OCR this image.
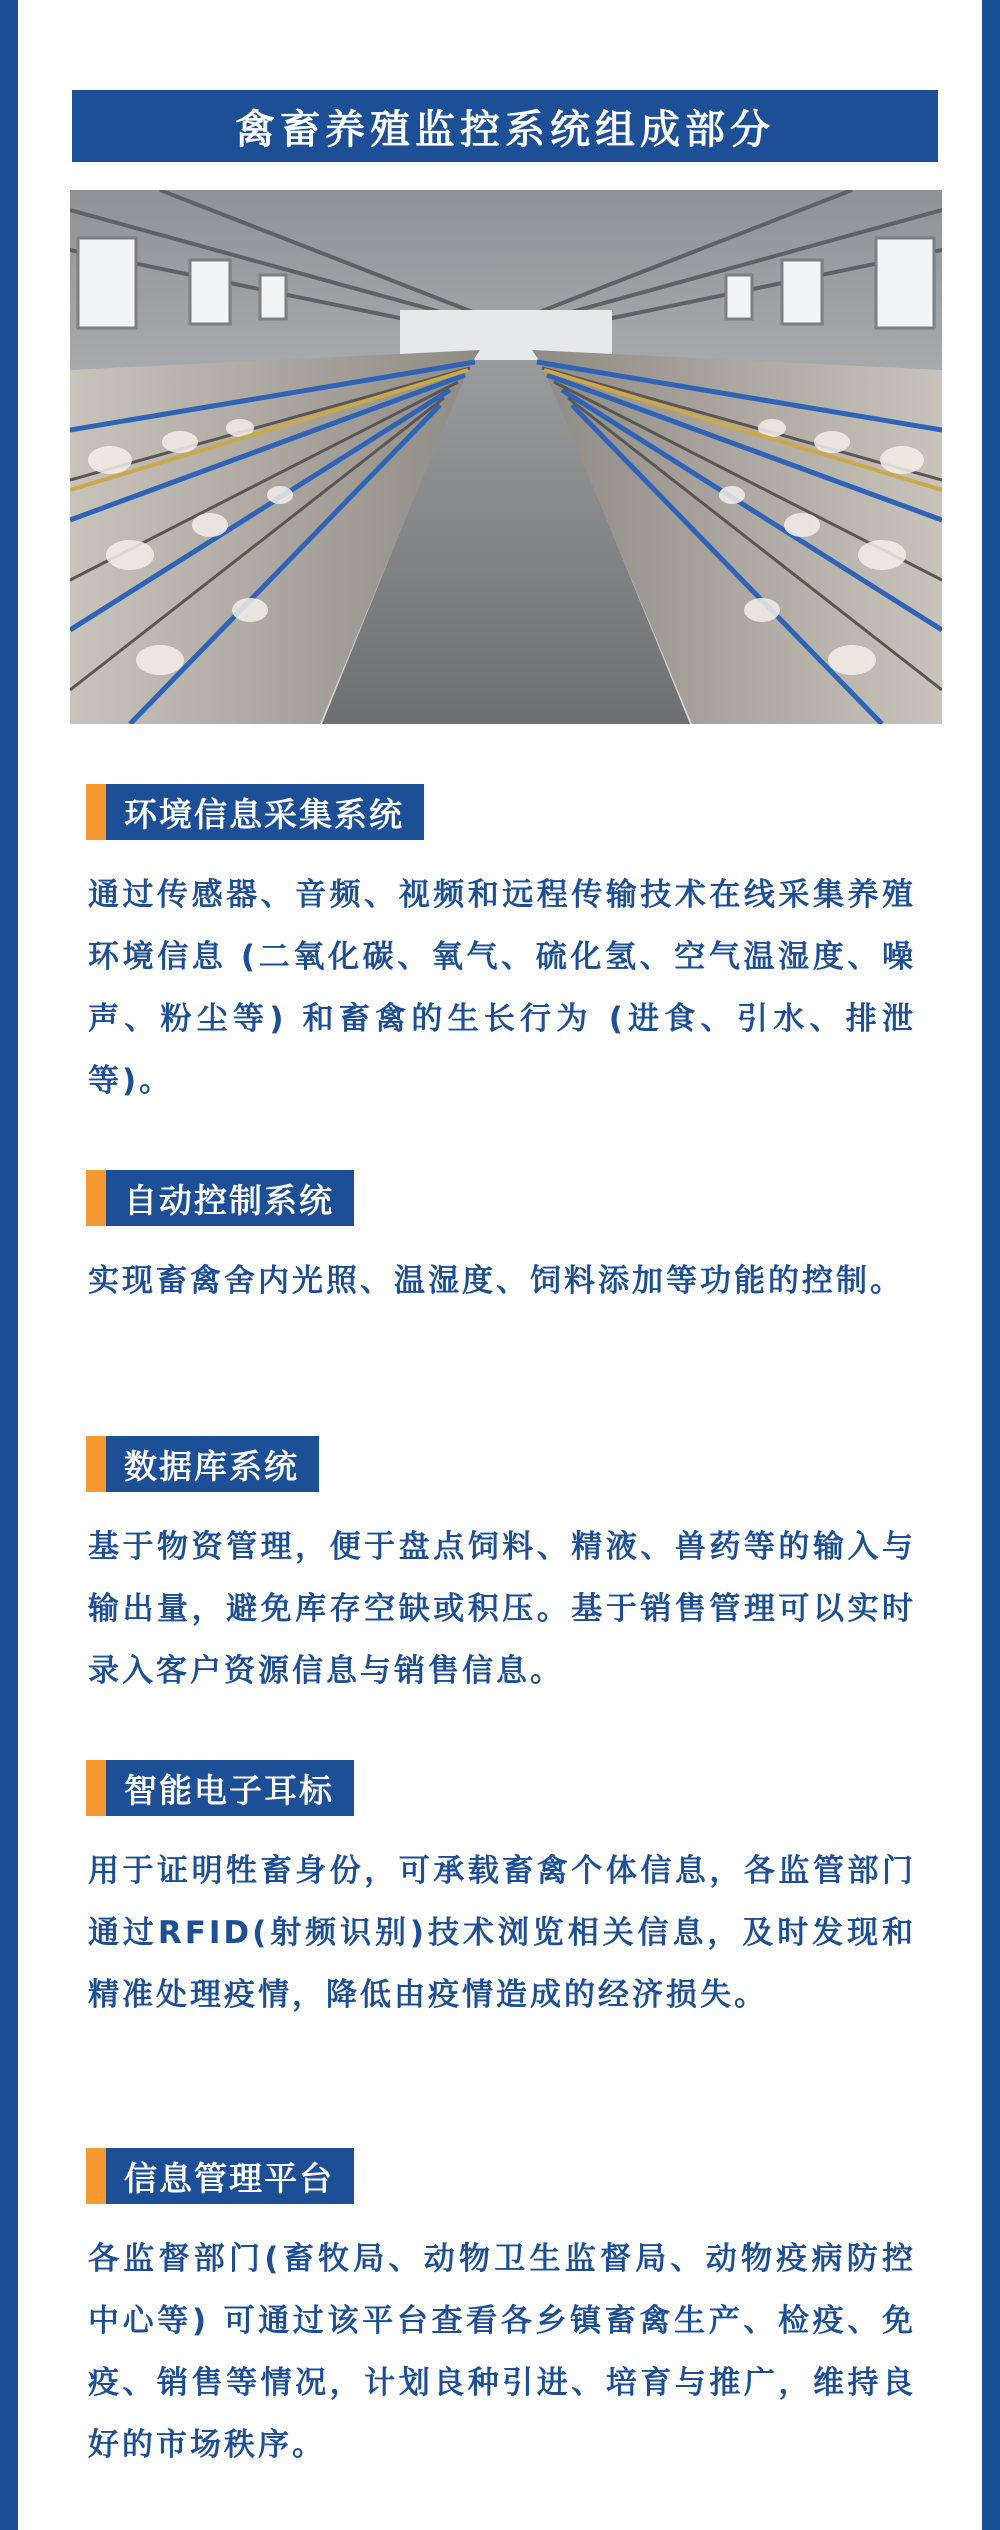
禽畜养殖监控系统组成部分
环境信息采集系统
通过传感器、音频、视频和远程传输技术在线采集养殖环境信息 (二氧化碳、氧气、硫化氢、空气温湿度、噪声、粉尘等) 和畜禽的生长行为 (进食、引水、排泄等)。
自动控制系统
实现畜禽舍内光照、温湿度、饲料添加等功能的控制。
数据库系统
基于物资管理，便于盘点饲料、精液、兽药等的输入与输出量，避免库存空缺或积压。基于销售管理可以实时录入客户资源信息与销售信息。
智能电子耳标
用于证明牲畜身份，可承载畜禽个体信息，各监管部门通过RFID(射频识别)技术浏览相关信息，及时发现和精准处理疫情，降低由疫情造成的经济损失。
信息管理平台
各监督部门(畜牧局、动物卫生监督局、动物疫病防控中心等) 可通过该平台查看各乡镇畜禽生产、检疫、免疫、销售等情况，计划良种引进、培育与推广，维持良好的市场秩序。
